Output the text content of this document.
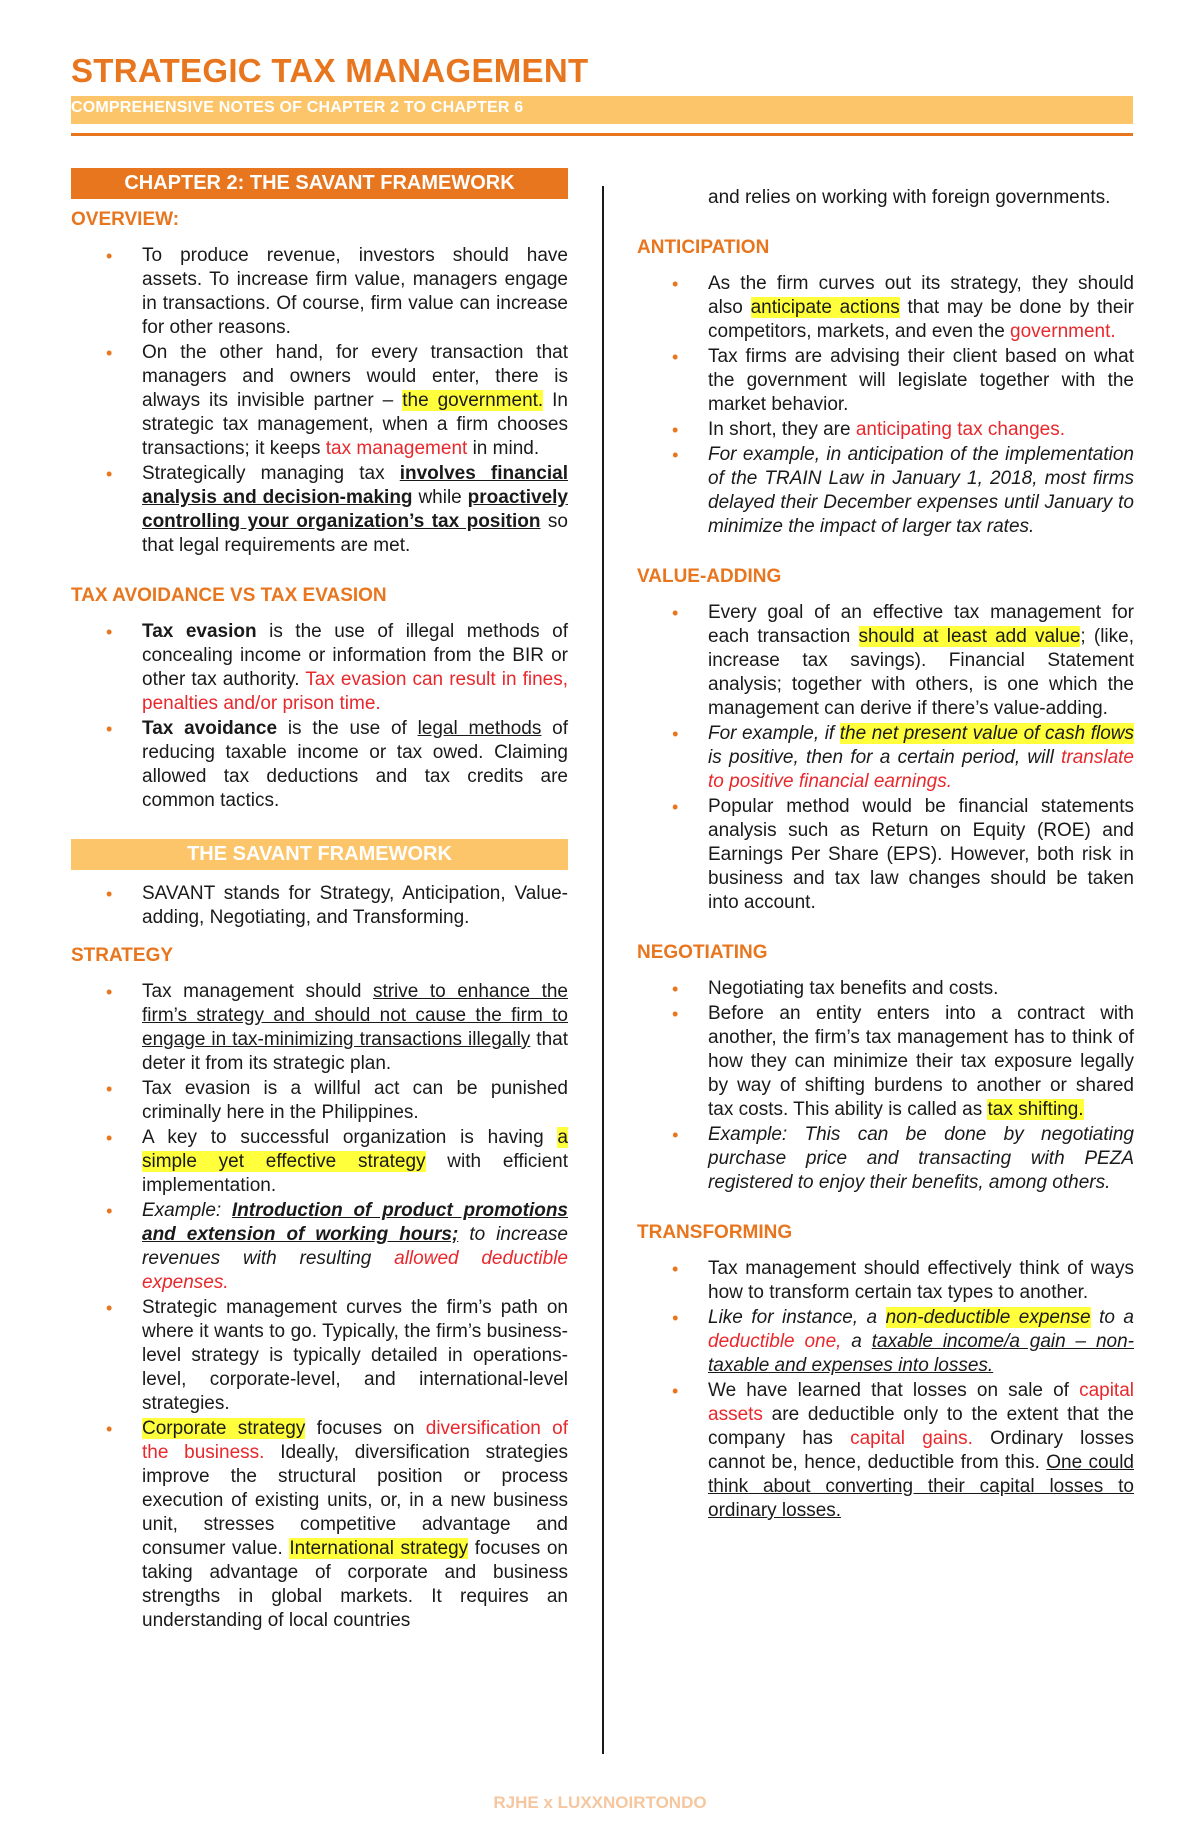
STRATEGIC TAX MANAGEMENT
COMPREHENSIVE NOTES OF CHAPTER 2 TO CHAPTER 6
CHAPTER 2: THE SAVANT FRAMEWORK
OVERVIEW:
• To produce revenue, investors should have assets. To increase firm value, managers engage in transactions. Of course, firm value can increase for other reasons.
• On the other hand, for every transaction that managers and owners would enter, there is always its invisible partner – the government. In strategic tax management, when a firm chooses transactions; it keeps tax management in mind.
• Strategically managing tax involves financial analysis and decision-making while proactively controlling your organization’s tax position so that legal requirements are met.
TAX AVOIDANCE VS TAX EVASION
• Tax evasion is the use of illegal methods of concealing income or information from the BIR or other tax authority. Tax evasion can result in fines, penalties and/or prison time.
• Tax avoidance is the use of legal methods of reducing taxable income or tax owed. Claiming allowed tax deductions and tax credits are common tactics.
THE SAVANT FRAMEWORK
• SAVANT stands for Strategy, Anticipation, Value-adding, Negotiating, and Transforming.
STRATEGY
• Tax management should strive to enhance the firm’s strategy and should not cause the firm to engage in tax-minimizing transactions illegally that deter it from its strategic plan.
• Tax evasion is a willful act can be punished criminally here in the Philippines.
• A key to successful organization is having a simple yet effective strategy with efficient implementation.
• Example: Introduction of product promotions and extension of working hours; to increase revenues with resulting allowed deductible expenses.
• Strategic management curves the firm’s path on where it wants to go. Typically, the firm’s business-level strategy is typically detailed in operations-level, corporate-level, and international-level strategies.
• Corporate strategy focuses on diversification of the business. Ideally, diversification strategies improve the structural position or process execution of existing units, or, in a new business unit, stresses competitive advantage and consumer value. International strategy focuses on taking advantage of corporate and business strengths in global markets. It requires an understanding of local countries
and relies on working with foreign governments.
ANTICIPATION
• As the firm curves out its strategy, they should also anticipate actions that may be done by their competitors, markets, and even the government.
• Tax firms are advising their client based on what the government will legislate together with the market behavior.
• In short, they are anticipating tax changes.
• For example, in anticipation of the implementation of the TRAIN Law in January 1, 2018, most firms delayed their December expenses until January to minimize the impact of larger tax rates.
VALUE-ADDING
• Every goal of an effective tax management for each transaction should at least add value; (like, increase tax savings). Financial Statement analysis; together with others, is one which the management can derive if there’s value-adding.
• For example, if the net present value of cash flows is positive, then for a certain period, will translate to positive financial earnings.
• Popular method would be financial statements analysis such as Return on Equity (ROE) and Earnings Per Share (EPS). However, both risk in business and tax law changes should be taken into account.
NEGOTIATING
• Negotiating tax benefits and costs.
• Before an entity enters into a contract with another, the firm’s tax management has to think of how they can minimize their tax exposure legally by way of shifting burdens to another or shared tax costs. This ability is called as tax shifting.
• Example: This can be done by negotiating purchase price and transacting with PEZA registered to enjoy their benefits, among others.
TRANSFORMING
• Tax management should effectively think of ways how to transform certain tax types to another.
• Like for instance, a non-deductible expense to a deductible one, a taxable income/a gain – non-taxable and expenses into losses.
• We have learned that losses on sale of capital assets are deductible only to the extent that the company has capital gains. Ordinary losses cannot be, hence, deductible from this. One could think about converting their capital losses to ordinary losses.
RJHE x LUXXNOIRTONDO
